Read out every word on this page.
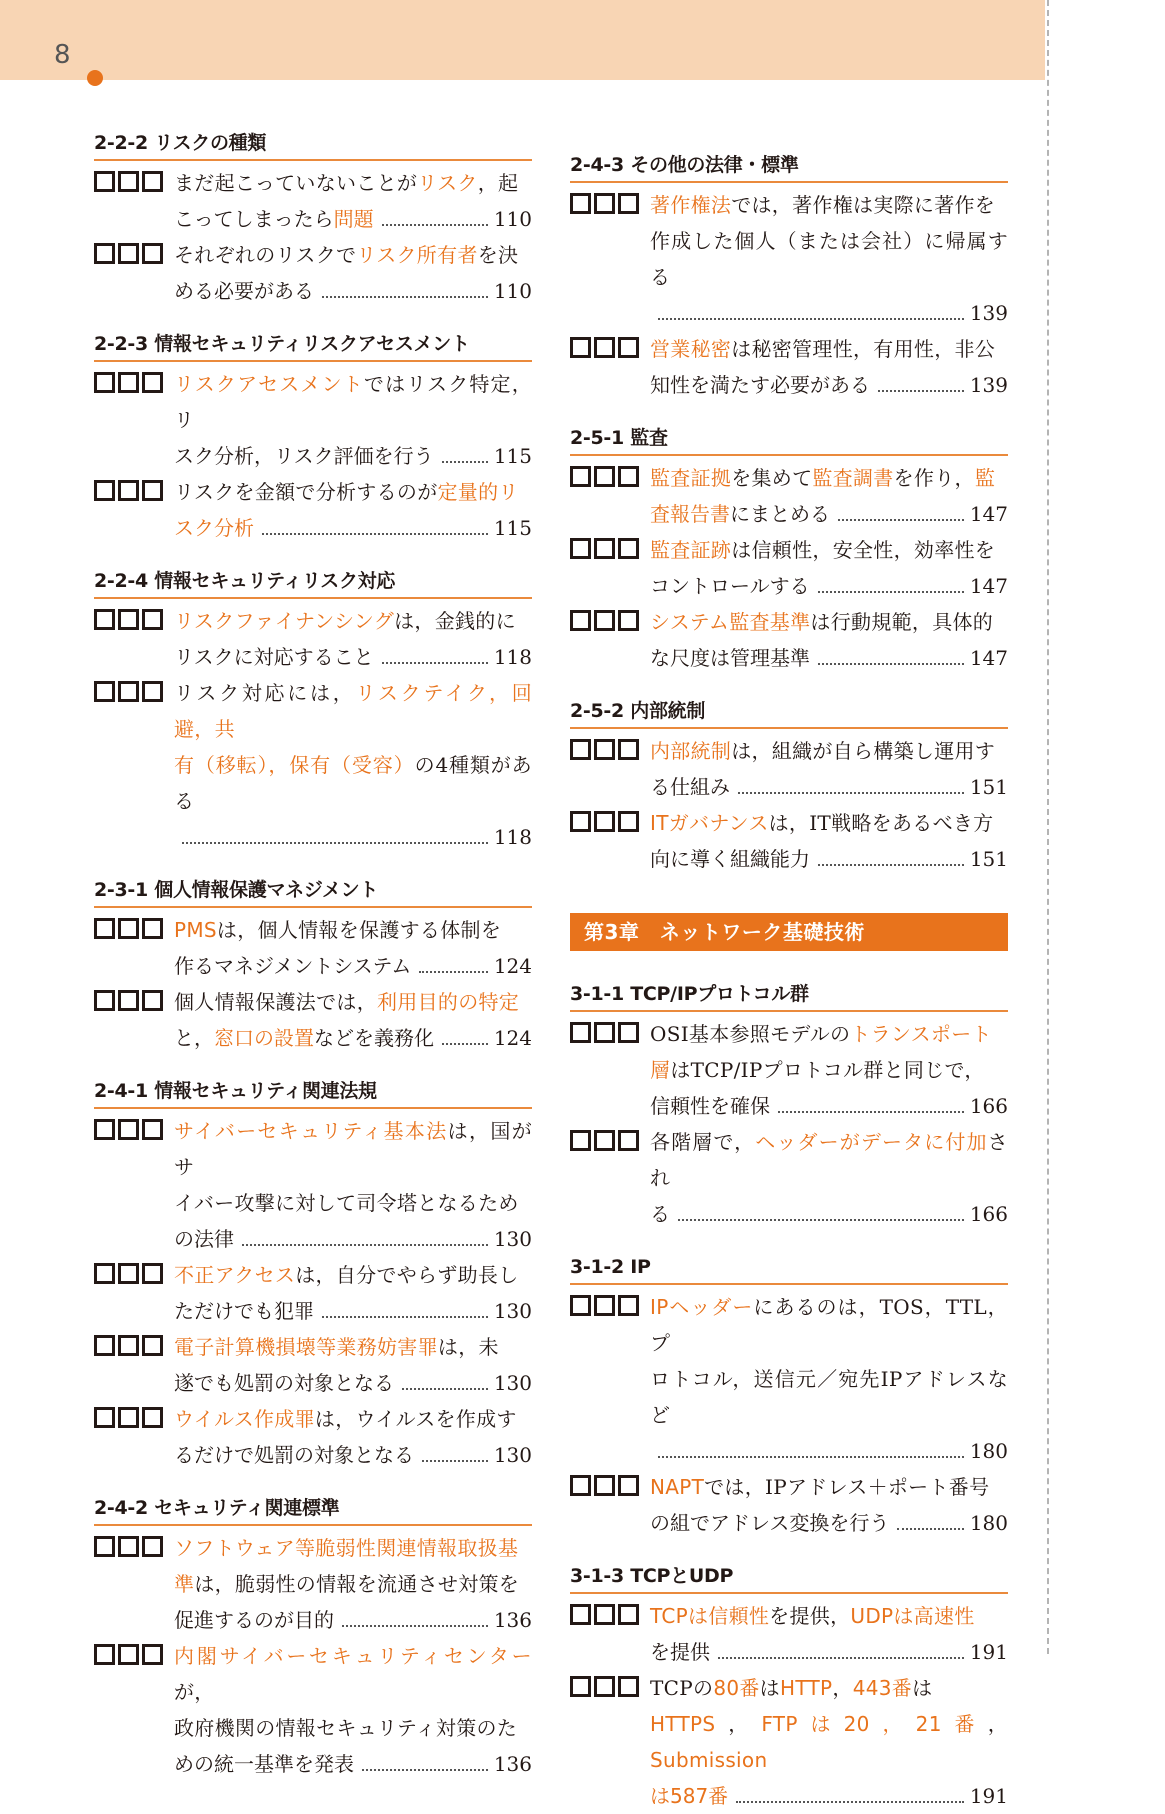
8
2-2-2 リスクの種類
まだ起こっていないことがリスク，起
こってしまったら問題	110
それぞれのリスクでリスク所有者を決
める必要がある	110
2-2-3 情報セキュリティリスクアセスメント
リスクアセスメントではリスク特定，リ
スク分析，リスク評価を行う	115
リスクを金額で分析するのが定量的リ
スク分析	115
2-2-4 情報セキュリティリスク対応
リスクファイナンシングは，金銭的に
リスクに対応すること	118
リスク対応には，リスクテイク，回避，共
有（移転），保有（受容）の4種類がある
118
2-3-1 個人情報保護マネジメント
PMSは，個人情報を保護する体制を
作るマネジメントシステム	124
個人情報保護法では，利用目的の特定
と，窓口の設置などを義務化	124
2-4-1 情報セキュリティ関連法規
サイバーセキュリティ基本法は，国がサ
イバー攻撃に対して司令塔となるため
の法律	130
不正アクセスは，自分でやらず助長し
ただけでも犯罪	130
電子計算機損壊等業務妨害罪は，未
遂でも処罰の対象となる	130
ウイルス作成罪は，ウイルスを作成す
るだけで処罰の対象となる	130
2-4-2 セキュリティ関連標準
ソフトウェア等脆弱性関連情報取扱基
準は，脆弱性の情報を流通させ対策を
促進するのが目的	136
内閣サイバーセキュリティセンターが，
政府機関の情報セキュリティ対策のた
めの統一基準を発表	136
2-4-3 その他の法律・標準
著作権法では，著作権は実際に著作を
作成した個人（または会社）に帰属する
139
営業秘密は秘密管理性，有用性，非公
知性を満たす必要がある	139
2-5-1 監査
監査証拠を集めて監査調書を作り，監
査報告書にまとめる	147
監査証跡は信頼性，安全性，効率性を
コントロールする	147
システム監査基準は行動規範，具体的
な尺度は管理基準	147
2-5-2 内部統制
内部統制は，組織が自ら構築し運用す
る仕組み	151
ITガバナンスは，IT戦略をあるべき方
向に導く組織能力	151
第3章　ネットワーク基礎技術
3-1-1 TCP/IPプロトコル群
OSI基本参照モデルのトランスポート
層はTCP/IPプロトコル群と同じで，
信頼性を確保	166
各階層で，ヘッダーがデータに付加され
る	166
3-1-2 IP
IPヘッダーにあるのは，TOS，TTL，プ
ロトコル，送信元／宛先IPアドレスなど
180
NAPTでは，IPアドレス＋ポート番号
の組でアドレス変換を行う	180
3-1-3 TCPとUDP
TCPは信頼性を提供，UDPは高速性
を提供	191
TCPの80番はHTTP，443番は
HTTPS，FTPは20，21番，Submission
は587番	191
